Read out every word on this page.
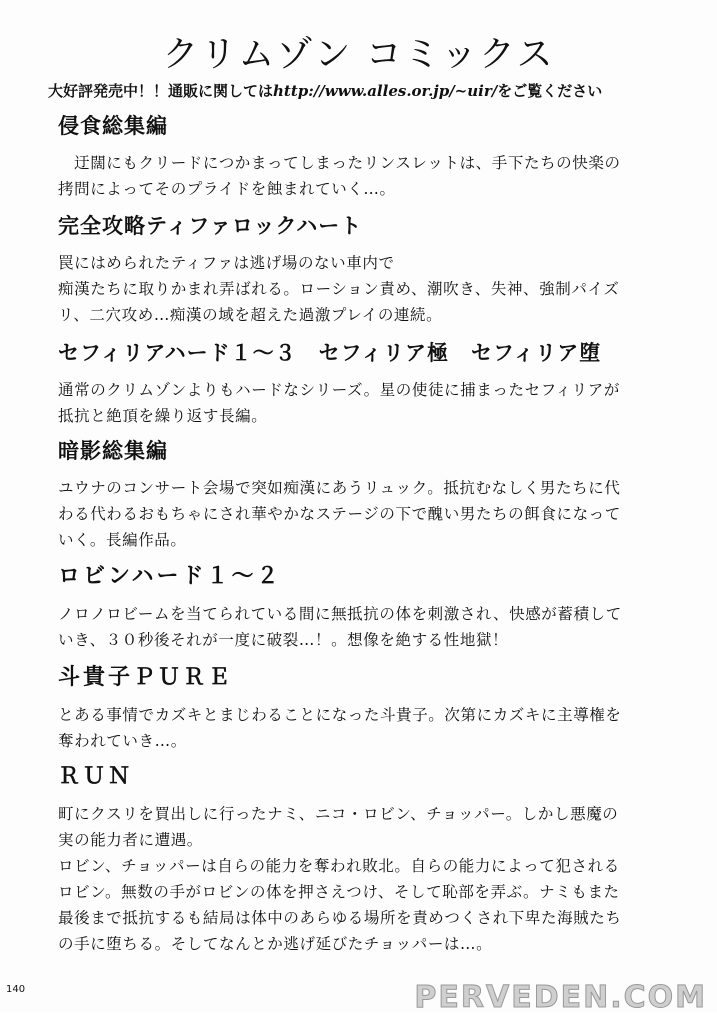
クリムゾン コミックス
大好評発売中！！通販に関してはhttp://www.alles.or.jp/~uir/をご覧ください
侵食総集編

　迂闊にもクリードにつかまってしまったリンスレットは、手下たちの快楽の
拷問によってそのプライドを蝕まれていく…。

完全攻略ティファロックハート

罠にはめられたティファは逃げ場のない車内で
痴漢たちに取りかまれ弄ばれる。ローション責め、潮吹き、失神、強制パイズ
リ、二穴攻め…痴漢の域を超えた過激プレイの連続。

セフィリアハード１～３　セフィリア極　セフィリア堕

通常のクリムゾンよりもハードなシリーズ。星の使徒に捕まったセフィリアが
抵抗と絶頂を繰り返す長編。

暗影総集編

ユウナのコンサート会場で突如痴漢にあうリュック。抵抗むなしく男たちに代
わる代わるおもちゃにされ華やかなステージの下で醜い男たちの餌食になって
いく。長編作品。

ロビンハード１～２

ノロノロビームを当てられている間に無抵抗の体を刺激され、快感が蓄積して
いき、３０秒後それが一度に破裂…！。想像を絶する性地獄！

斗貴子ＰＵＲＥ

とある事情でカズキとまじわることになった斗貴子。次第にカズキに主導権を
奪われていき…。

ＲＵＮ

町にクスリを買出しに行ったナミ、ニコ・ロビン、チョッパー。しかし悪魔の
実の能力者に遭遇。
ロビン、チョッパーは自らの能力を奪われ敗北。自らの能力によって犯される
ロビン。無数の手がロビンの体を押さえつけ、そして恥部を弄ぶ。ナミもまた
最後まで抵抗するも結局は体中のあらゆる場所を責めつくされ下卑た海賊たち
の手に堕ちる。そしてなんとか逃げ延びたチョッパーは…。

140	PERVEDEN.COM
